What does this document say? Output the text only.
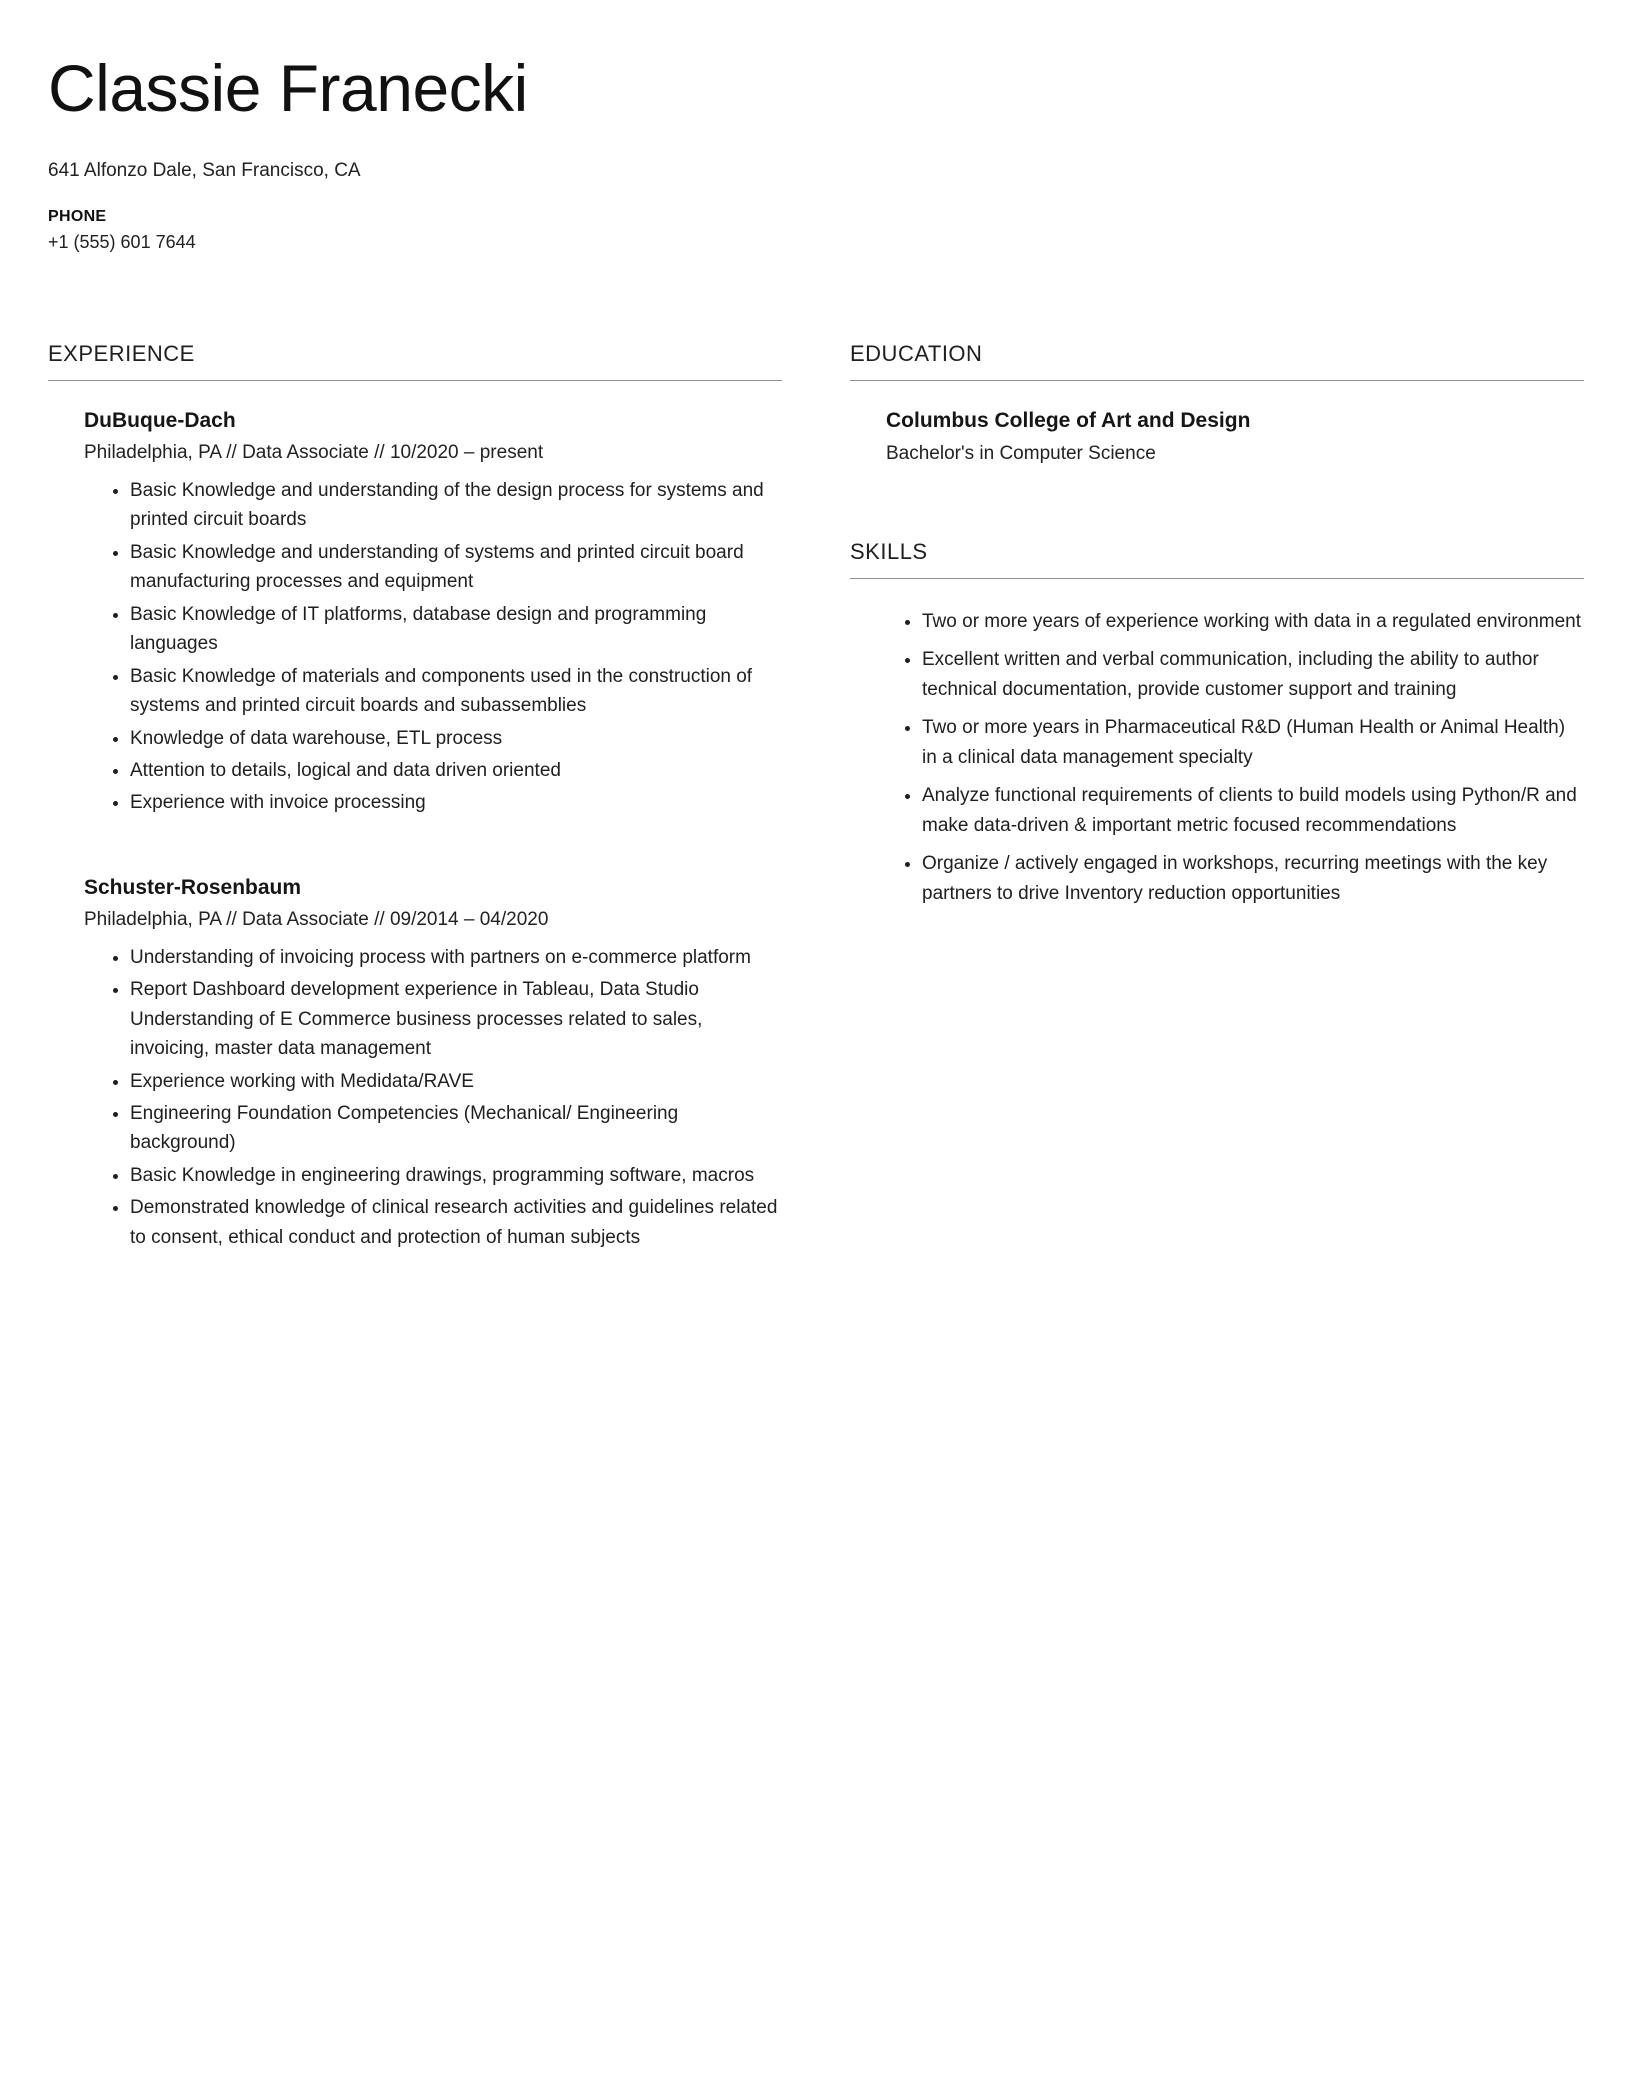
Classie Franecki

641 Alfonzo Dale, San Francisco, CA

PHONE

+1 (555) 601 7644

EXPERIENCE
DuBuque-Dach

Philadelphia, PA // Data Associate // 10/2020 – present

• Basic Knowledge and understanding of the design process for systems and printed circuit boards
• Basic Knowledge and understanding of systems and printed circuit board manufacturing processes and equipment
• Basic Knowledge of IT platforms, database design and programming languages
• Basic Knowledge of materials and components used in the construction of systems and printed circuit boards and subassemblies
• Knowledge of data warehouse, ETL process
• Attention to details, logical and data driven oriented
• Experience with invoice processing
Schuster-Rosenbaum

Philadelphia, PA // Data Associate // 09/2014 – 04/2020

• Understanding of invoicing process with partners on e-commerce platform
• Report Dashboard development experience in Tableau, Data Studio Understanding of E Commerce business processes related to sales, invoicing, master data management
• Experience working with Medidata/RAVE
• Engineering Foundation Competencies (Mechanical/ Engineering background)
• Basic Knowledge in engineering drawings, programming software, macros
• Demonstrated knowledge of clinical research activities and guidelines related to consent, ethical conduct and protection of human subjects
EDUCATION
Columbus College of Art and Design

Bachelor's in Computer Science

SKILLS
• Two or more years of experience working with data in a regulated environment
• Excellent written and verbal communication, including the ability to author technical documentation, provide customer support and training
• Two or more years in Pharmaceutical R&D (Human Health or Animal Health) in a clinical data management specialty
• Analyze functional requirements of clients to build models using Python/R and make data-driven & important metric focused recommendations
• Organize / actively engaged in workshops, recurring meetings with the key partners to drive Inventory reduction opportunities
